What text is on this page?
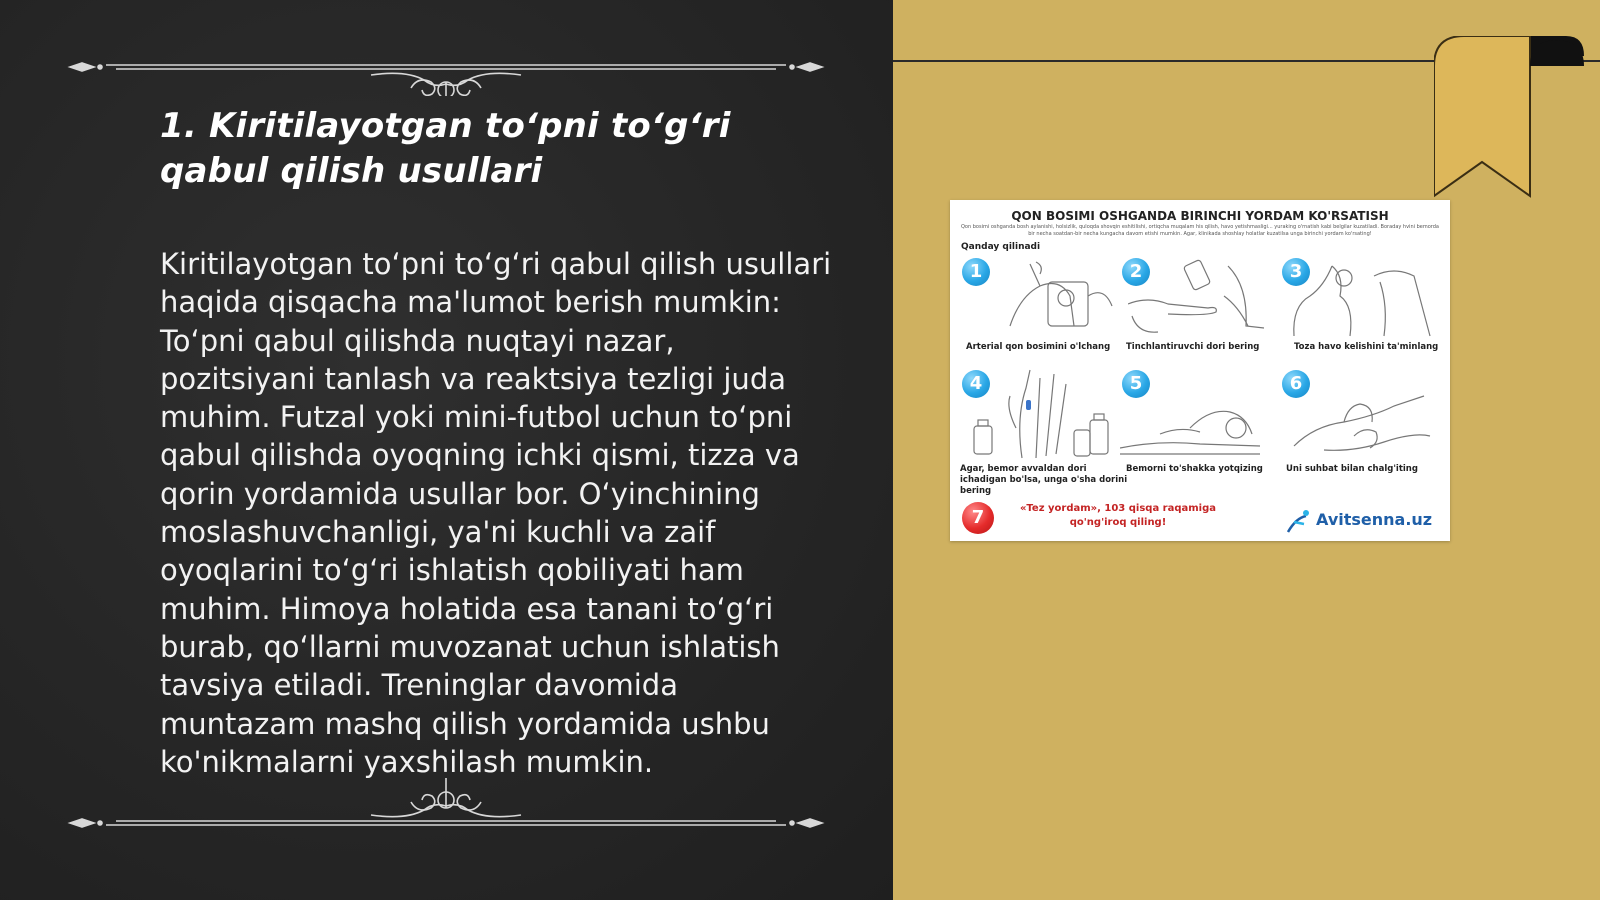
1. Kiritilayotgan to‘pni to‘g‘ri qabul qilish usullari

Kiritilayotgan to‘pni to‘g‘ri qabul qilish usullari haqida qisqacha ma'lumot berish mumkin: To‘pni qabul qilishda nuqtayi nazar, pozitsiyani tanlash va reaktsiya tezligi juda muhim. Futzal yoki mini-futbol uchun to‘pni qabul qilishda oyoqning ichki qismi, tizza va qorin yordamida usullar bor. O‘yinchining moslashuvchanligi, ya'ni kuchli va zaif oyoqlarini to‘g‘ri ishlatish qobiliyati ham muhim. Himoya holatida esa tanani to‘g‘ri burab, qo‘llarni muvozanat uchun ishlatish tavsiya etiladi. Treninglar davomida muntazam mashq qilish yordamida ushbu ko'nikmalarni yaxshilash mumkin.

QON BOSIMI OSHGANDA BIRINCHI YORDAM KO'RSATISH
Qon bosimi oshganda bosh aylanishi, holsizlik, quloqda shovqin eshitilishi, ortiqcha muqalam his qilish, havo yetishmasligi... yuraking o'rnatish kabi belgilar kuzatiladi. Boraday hvini bemorda bir necha soatdan-bir necha kungacha davom etishi mumkin. Agar, klinikada shoshlay holatlar kuzatilsa unga birinchi yordam ko'rsating!
Qanday qilinadi
1
Arterial qon bosimini o'lchang
2
Tinchlantiruvchi dori bering
3
Toza havo kelishini ta'minlang
4
Agar, bemor avvaldan dori ichadigan bo'lsa, unga o'sha dorini bering
5
Bemorni to'shakka yotqizing
6
Uni suhbat bilan chalg'iting
7	«Tez yordam», 103 qisqa raqamiga qo'ng'iroq qiling!	Avitsenna.uz
